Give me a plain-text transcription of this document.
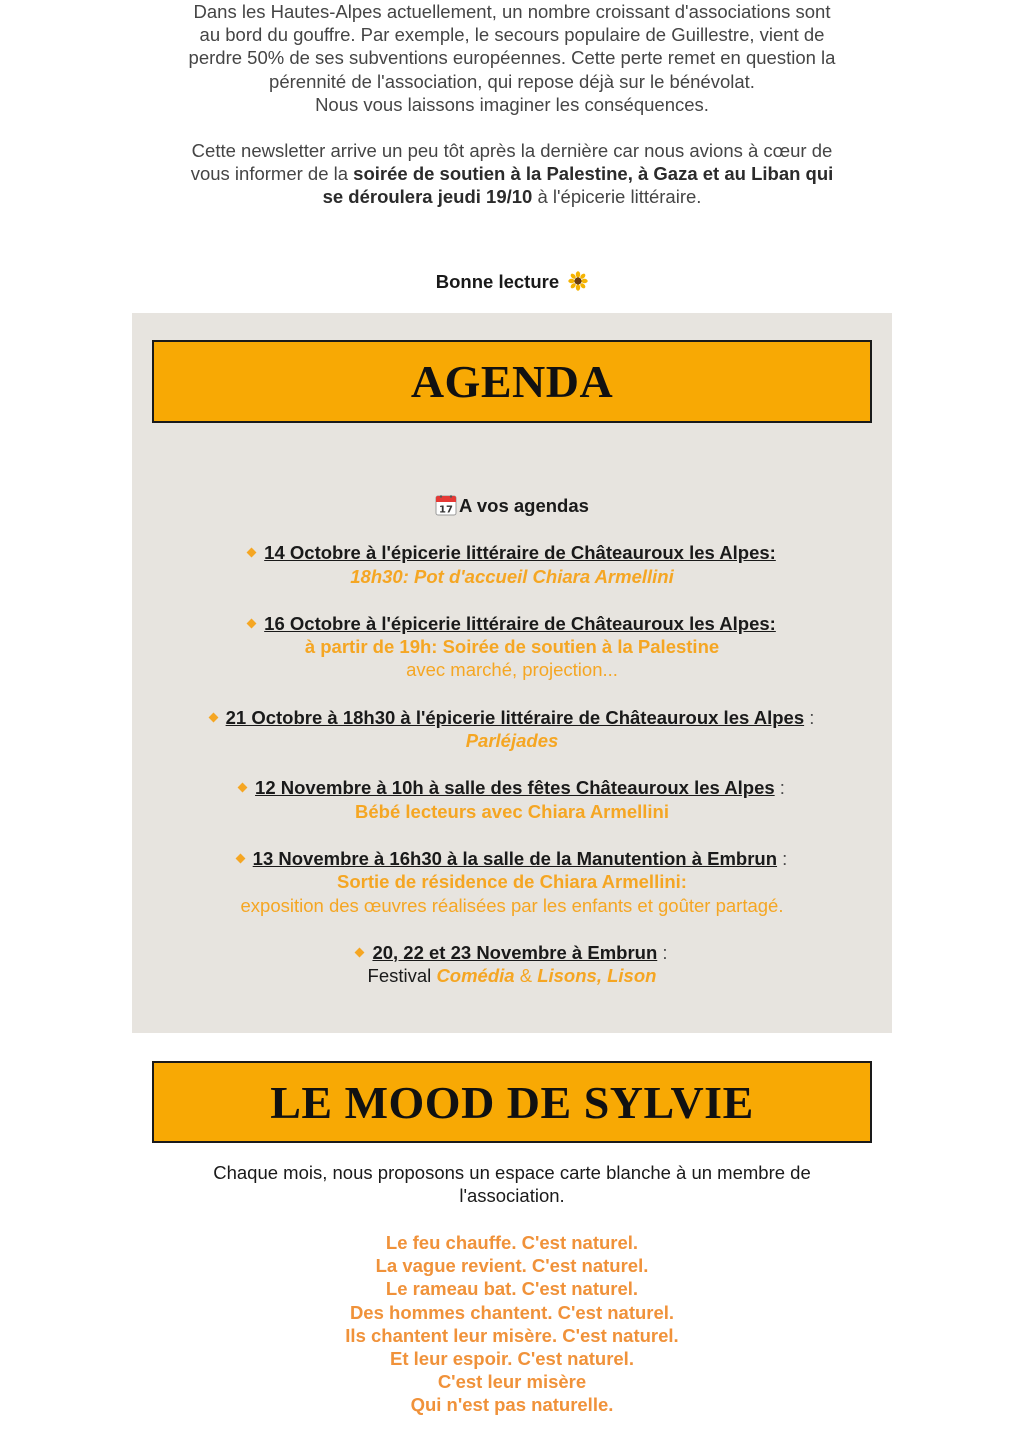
Dans les Hautes-Alpes actuellement, un nombre croissant d'associations sont
au bord du gouffre. Par exemple, le secours populaire de Guillestre, vient de
perdre 50% de ses subventions européennes. Cette perte remet en question la
pérennité de l'association, qui repose déjà sur le bénévolat.
Nous vous laissons imaginer les conséquences.

Cette newsletter arrive un peu tôt après la dernière car nous avions à cœur de
vous informer de la soirée de soutien à la Palestine, à Gaza et au Liban qui
se déroulera jeudi 19/10 à l'épicerie littéraire.

Bonne lecture
AGENDA
17 A vos agendas
14 Octobre à l'épicerie littéraire de Châteauroux les Alpes:
18h30: Pot d'accueil Chiara Armellini
16 Octobre à l'épicerie littéraire de Châteauroux les Alpes:
à partir de 19h: Soirée de soutien à la Palestine
avec marché, projection...
21 Octobre à 18h30 à l'épicerie littéraire de Châteauroux les Alpes :
Parléjades
12 Novembre à 10h à salle des fêtes Châteauroux les Alpes :
Bébé lecteurs avec Chiara Armellini
13 Novembre à 16h30 à la salle de la Manutention à Embrun :
Sortie de résidence de Chiara Armellini:
exposition des œuvres réalisées par les enfants et goûter partagé.
20, 22 et 23 Novembre à Embrun :
Festival Comédia & Lisons, Lison
LE MOOD DE SYLVIE
Chaque mois, nous proposons un espace carte blanche à un membre de
l'association.
Le feu chauffe. C'est naturel.
La vague revient. C'est naturel.
Le rameau bat. C'est naturel.
Des hommes chantent. C'est naturel.
Ils chantent leur misère. C'est naturel.
Et leur espoir. C'est naturel.
C'est leur misère
Qui n'est pas naturelle.
